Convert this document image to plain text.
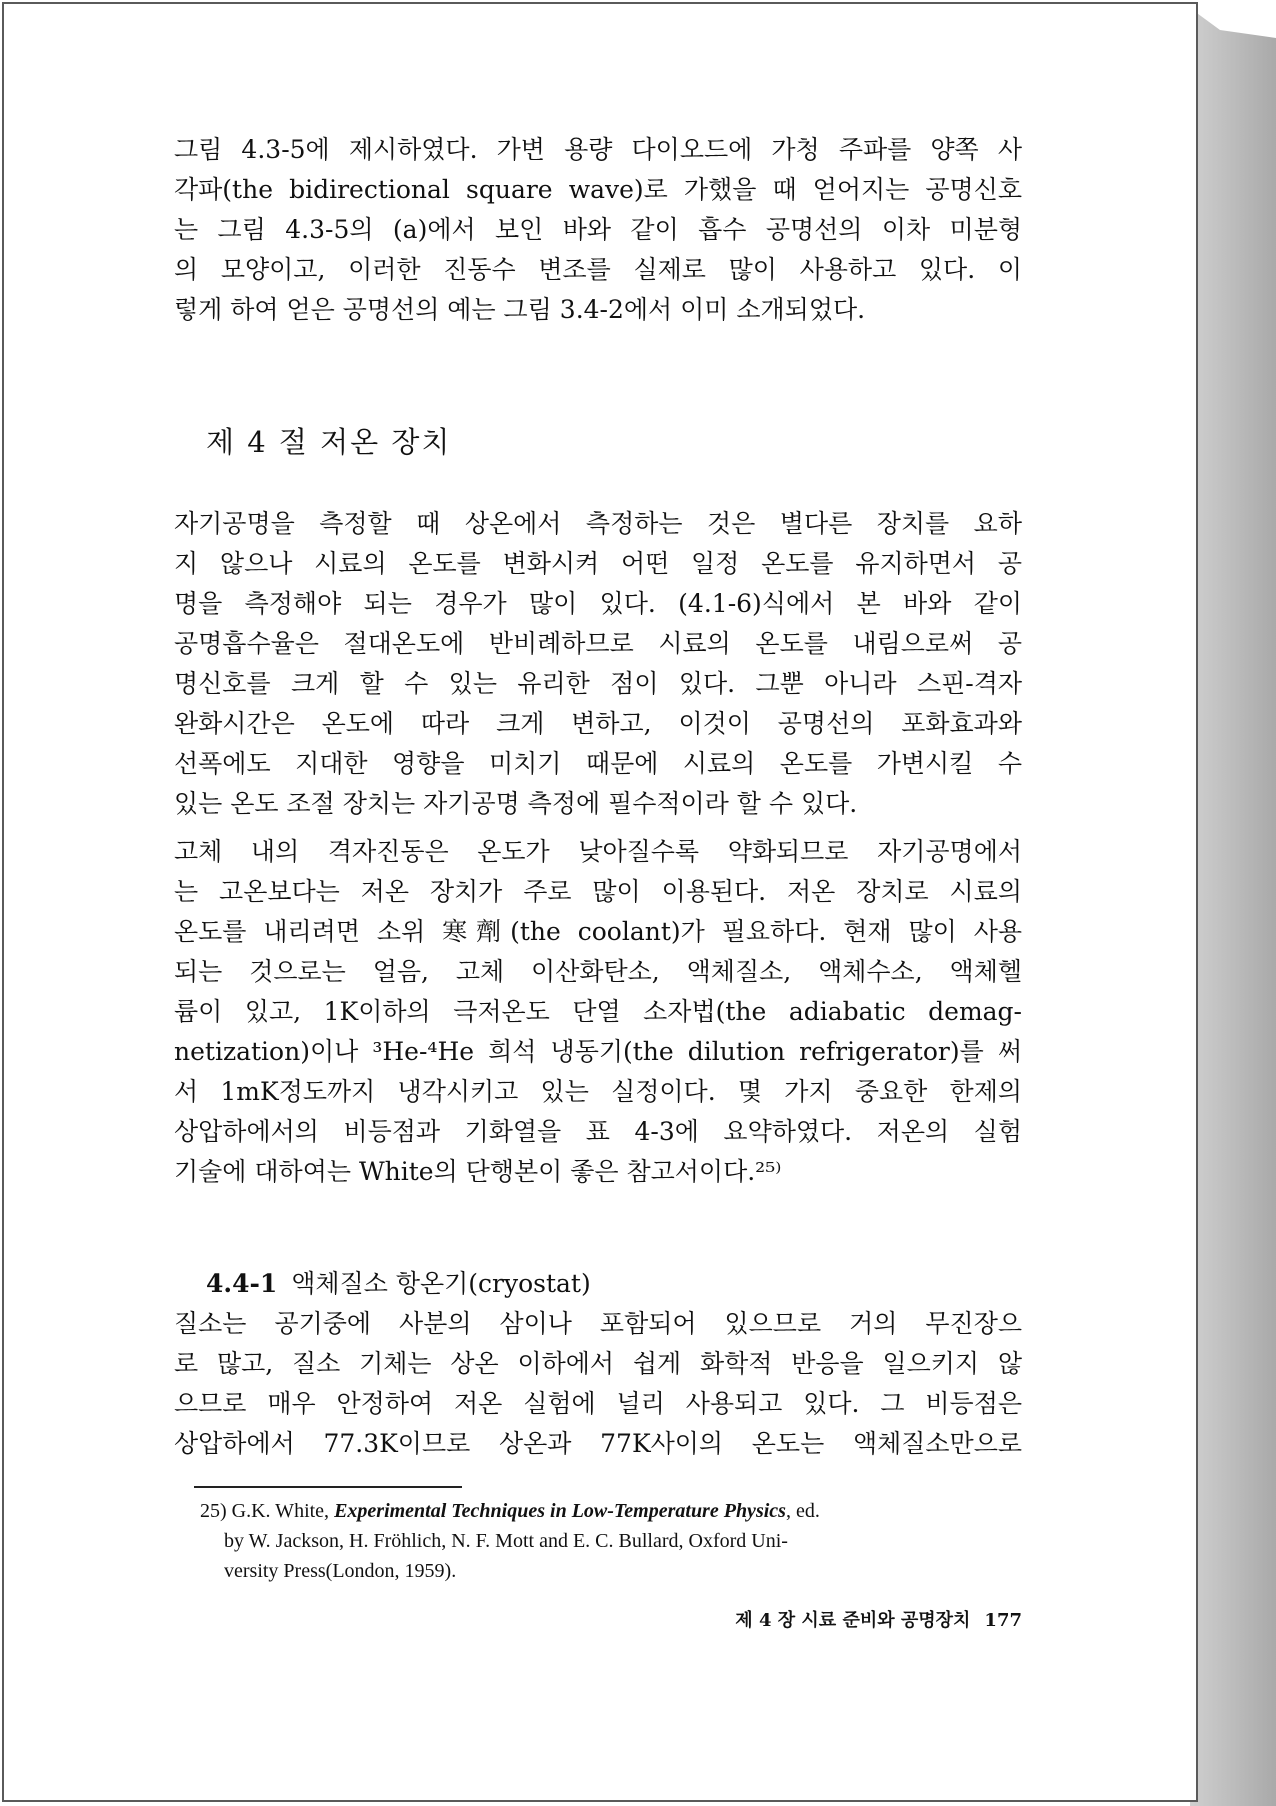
그림 4.3-5에 제시하였다. 가변 용량 다이오드에 가청 주파를 양쪽 사
각파(the bidirectional square wave)로 가했을 때 얻어지는 공명신호
는 그림 4.3-5의 (a)에서 보인 바와 같이 흡수 공명선의 이차 미분형
의 모양이고, 이러한 진동수 변조를 실제로 많이 사용하고 있다. 이
렇게 하여 얻은 공명선의 예는 그림 3.4-2에서 이미 소개되었다.
제 4 절 저온 장치
자기공명을 측정할 때 상온에서 측정하는 것은 별다른 장치를 요하
지 않으나 시료의 온도를 변화시켜 어떤 일정 온도를 유지하면서 공
명을 측정해야 되는 경우가 많이 있다. (4.1-6)식에서 본 바와 같이
공명흡수율은 절대온도에 반비례하므로 시료의 온도를 내림으로써 공
명신호를 크게 할 수 있는 유리한 점이 있다. 그뿐 아니라 스핀-격자
완화시간은 온도에 따라 크게 변하고, 이것이 공명선의 포화효과와
선폭에도 지대한 영향을 미치기 때문에 시료의 온도를 가변시킬 수
있는 온도 조절 장치는 자기공명 측정에 필수적이라 할 수 있다.
고체 내의 격자진동은 온도가 낮아질수록 약화되므로 자기공명에서
는 고온보다는 저온 장치가 주로 많이 이용된다. 저온 장치로 시료의
온도를 내리려면 소위 寒劑(the coolant)가 필요하다. 현재 많이 사용
되는 것으로는 얼음, 고체 이산화탄소, 액체질소, 액체수소, 액체헬
륨이 있고, 1K이하의 극저온도 단열 소자법(the adiabatic demag-
netization)이나 ³He-⁴He 희석 냉동기(the dilution refrigerator)를 써
서 1mK정도까지 냉각시키고 있는 실정이다. 몇 가지 중요한 한제의
상압하에서의 비등점과 기화열을 표 4-3에 요약하였다. 저온의 실험
기술에 대하여는 White의 단행본이 좋은 참고서이다.²⁵⁾
4.4-1 액체질소 항온기(cryostat)
질소는 공기중에 사분의 삼이나 포함되어 있으므로 거의 무진장으
로 많고, 질소 기체는 상온 이하에서 쉽게 화학적 반응을 일으키지 않
으므로 매우 안정하여 저온 실험에 널리 사용되고 있다. 그 비등점은
상압하에서 77.3K이므로 상온과 77K사이의 온도는 액체질소만으로
25) G.K. White, Experimental Techniques in Low-Temperature Physics, ed.
by W. Jackson, H. Fröhlich, N. F. Mott and E. C. Bullard, Oxford Uni-
versity Press(London, 1959).
제 4 장 시료 준비와 공명장치 177
